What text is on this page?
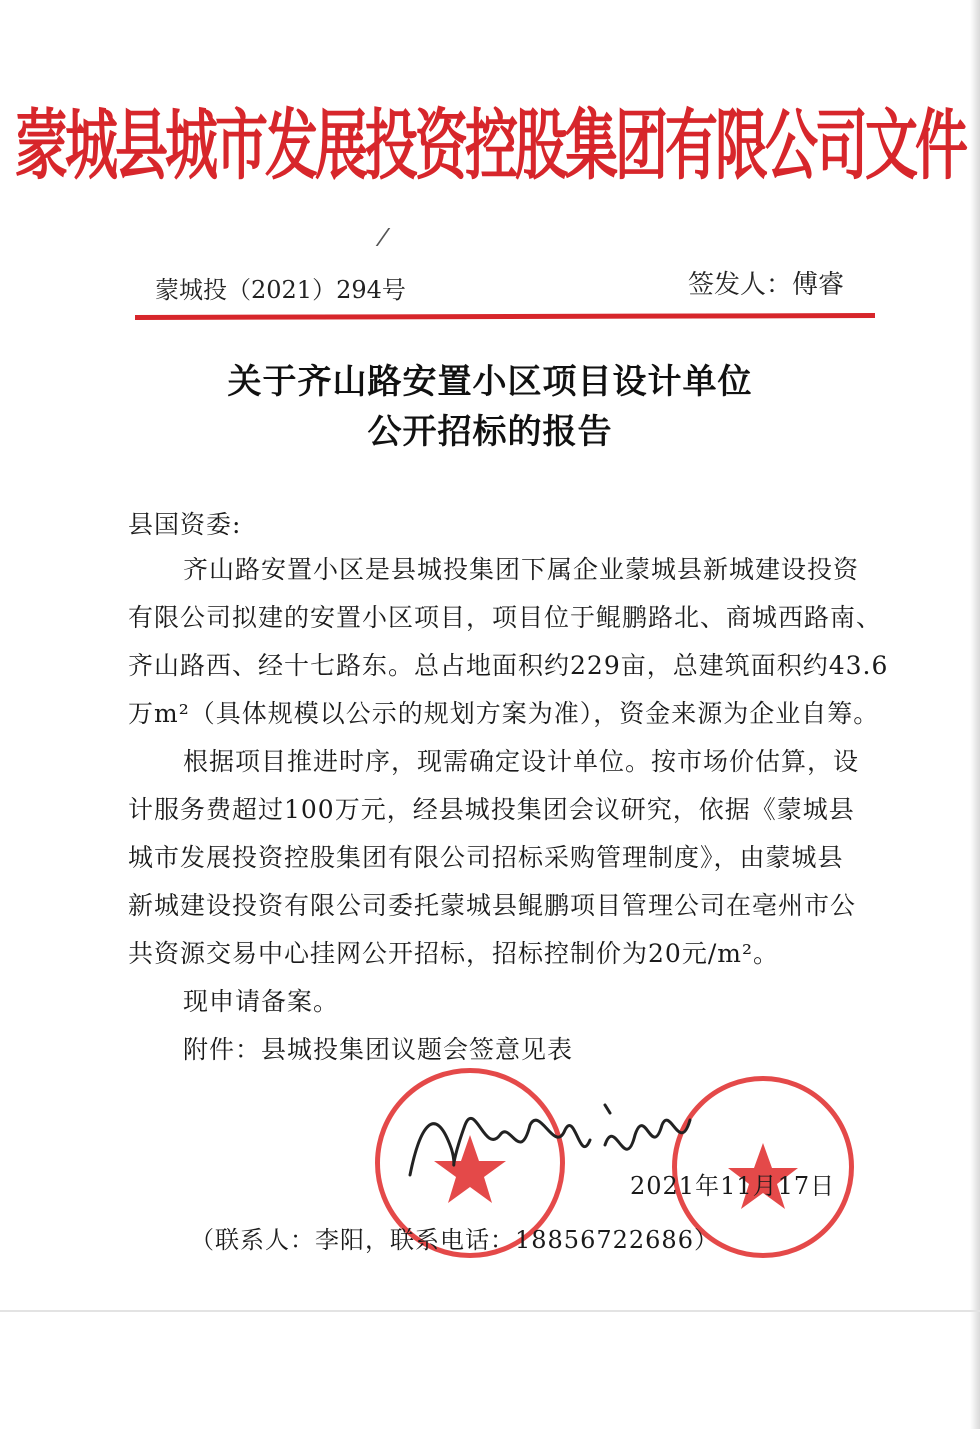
蒙城县城市发展投资控股集团有限公司文件
蒙城投（2021）294号	签发人：傅睿
关于齐山路安置小区项目设计单位
公开招标的报告
县国资委:
齐山路安置小区是县城投集团下属企业蒙城县新城建设投资
有限公司拟建的安置小区项目，项目位于鲲鹏路北、商城西路南、
齐山路西、经十七路东。总占地面积约229亩，总建筑面积约43.6
万m²（具体规模以公示的规划方案为准），资金来源为企业自筹。
根据项目推进时序，现需确定设计单位。按市场价估算，设
计服务费超过100万元，经县城投集团会议研究，依据《蒙城县
城市发展投资控股集团有限公司招标采购管理制度》，由蒙城县
新城建设投资有限公司委托蒙城县鲲鹏项目管理公司在亳州市公
共资源交易中心挂网公开招标，招标控制价为20元/m²。
现申请备案。
附件：县城投集团议题会签意见表
2021年11月17日
（联系人：李阳，联系电话：18856722686）
